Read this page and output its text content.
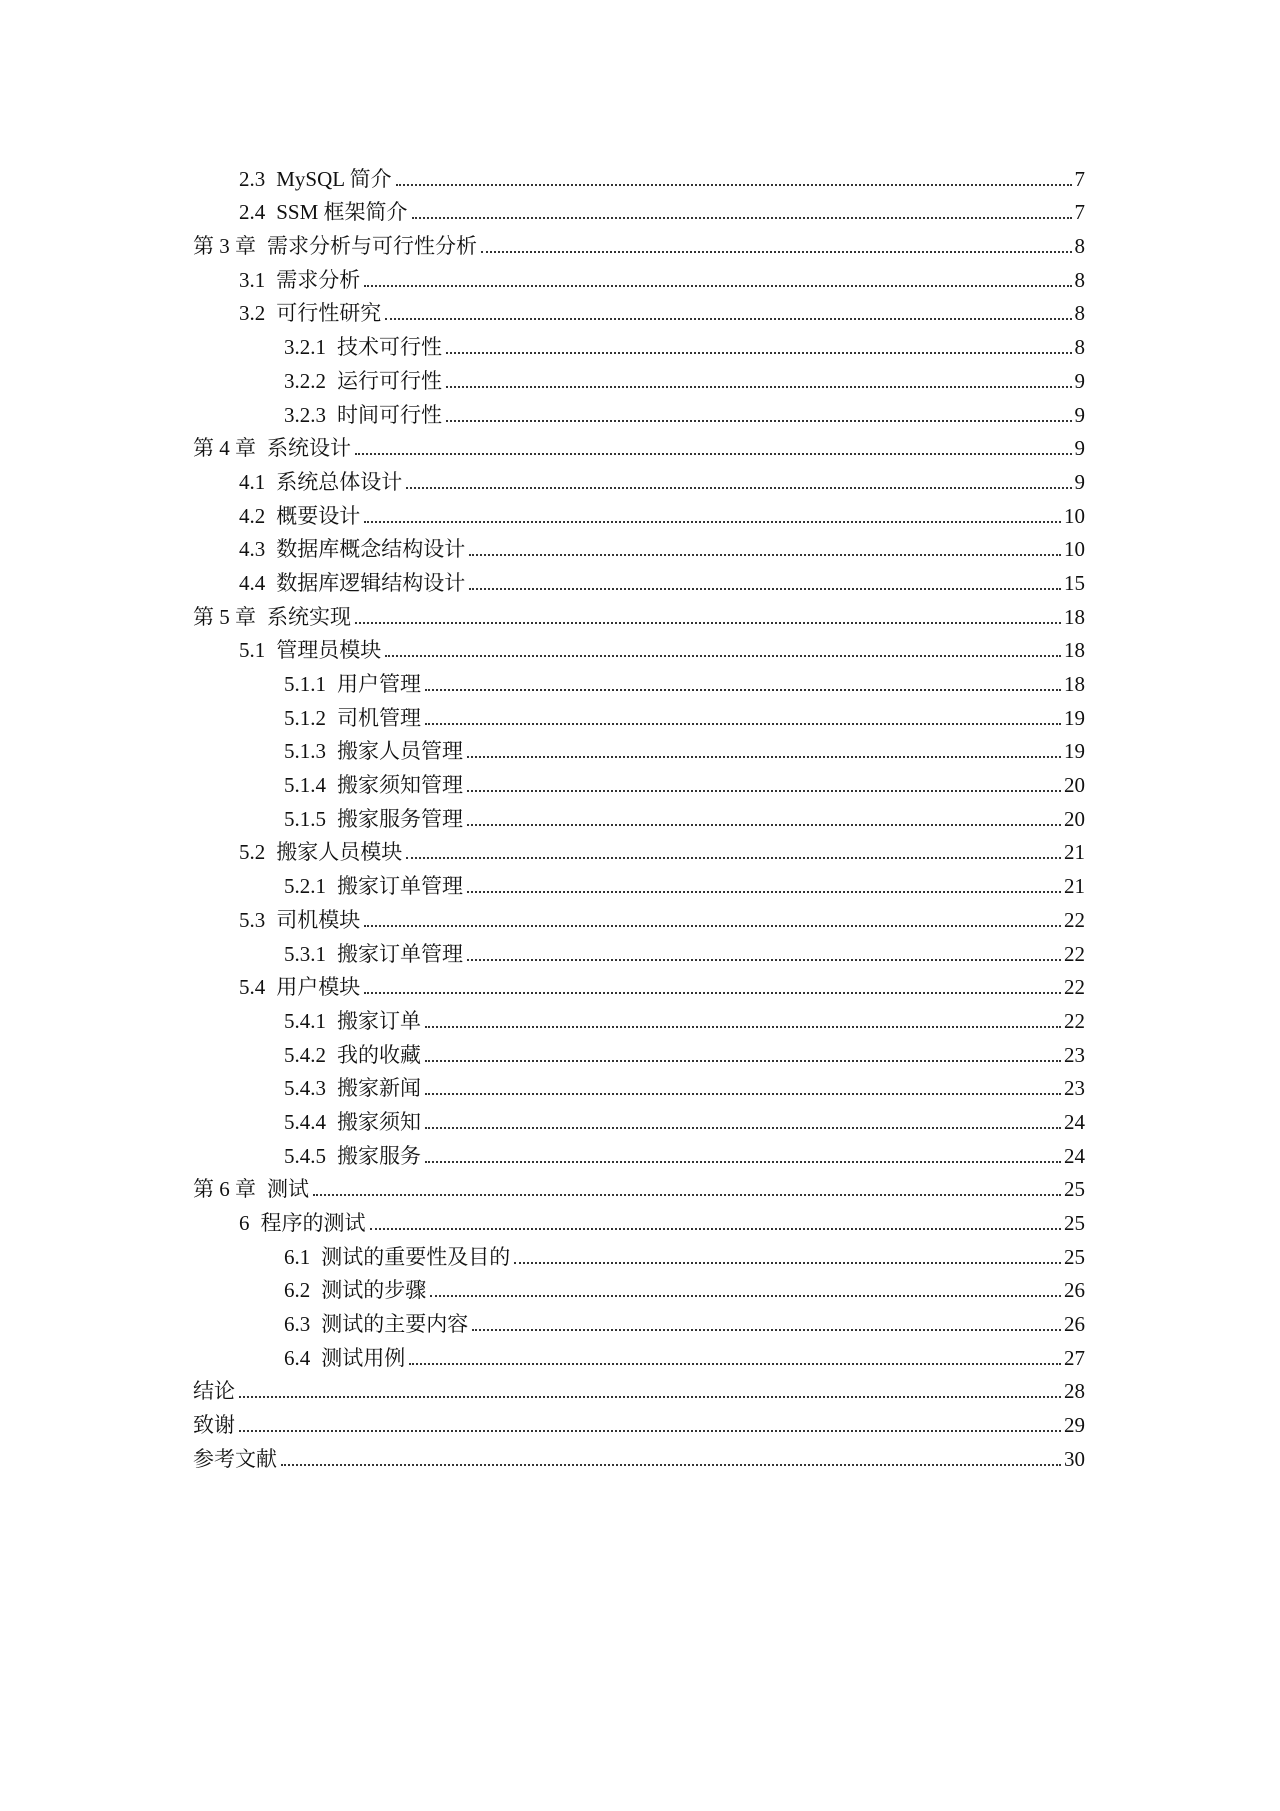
2.3 MySQL 简介	7
2.4 SSM 框架简介	7
第 3 章 需求分析与可行性分析	8
3.1 需求分析	8
3.2 可行性研究	8
3.2.1 技术可行性	8
3.2.2 运行可行性	9
3.2.3 时间可行性	9
第 4 章 系统设计	9
4.1 系统总体设计	9
4.2 概要设计	10
4.3 数据库概念结构设计	10
4.4 数据库逻辑结构设计	15
第 5 章 系统实现	18
5.1 管理员模块	18
5.1.1 用户管理	18
5.1.2 司机管理	19
5.1.3 搬家人员管理	19
5.1.4 搬家须知管理	20
5.1.5 搬家服务管理	20
5.2 搬家人员模块	21
5.2.1 搬家订单管理	21
5.3 司机模块	22
5.3.1 搬家订单管理	22
5.4 用户模块	22
5.4.1 搬家订单	22
5.4.2 我的收藏	23
5.4.3 搬家新闻	23
5.4.4 搬家须知	24
5.4.5 搬家服务	24
第 6 章 测试	25
6 程序的测试	25
6.1 测试的重要性及目的	25
6.2 测试的步骤	26
6.3 测试的主要内容	26
6.4 测试用例	27
结论	28
致谢	29
参考文献	30
